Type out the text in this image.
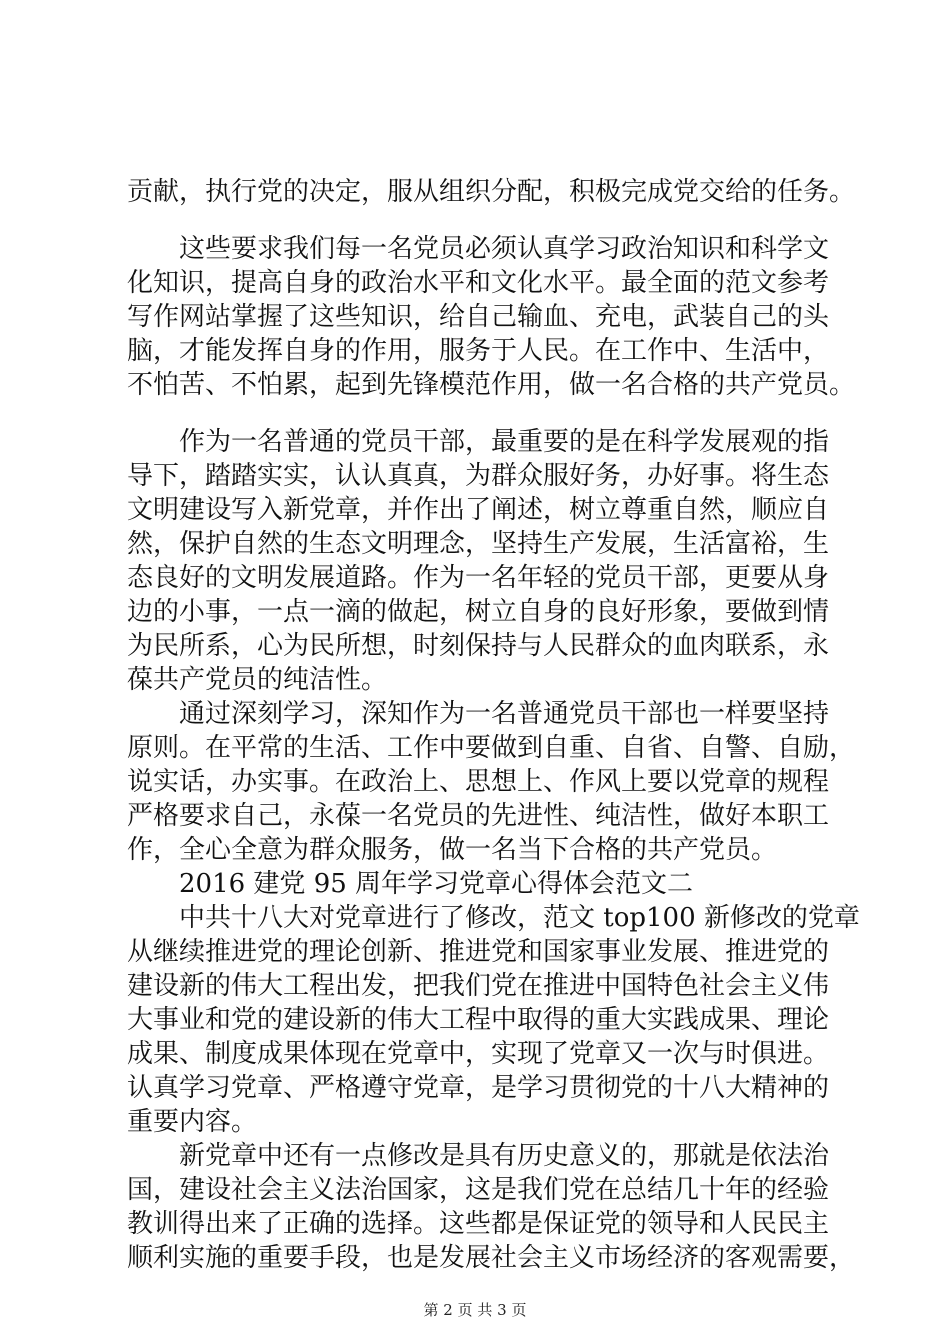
贡献，执行党的决定，服从组织分配，积极完成党交给的任务。
　　这些要求我们每一名党员必须认真学习政治知识和科学文
化知识，提高自身的政治水平和文化水平。最全面的范文参考
写作网站掌握了这些知识，给自己输血、充电，武装自己的头
脑，才能发挥自身的作用，服务于人民。在工作中、生活中，
不怕苦、不怕累，起到先锋模范作用，做一名合格的共产党员。
　　作为一名普通的党员干部，最重要的是在科学发展观的指
导下，踏踏实实，认认真真，为群众服好务，办好事。将生态
文明建设写入新党章，并作出了阐述，树立尊重自然，顺应自
然，保护自然的生态文明理念，坚持生产发展，生活富裕，生
态良好的文明发展道路。作为一名年轻的党员干部，更要从身
边的小事，一点一滴的做起，树立自身的良好形象，要做到情
为民所系，心为民所想，时刻保持与人民群众的血肉联系，永
葆共产党员的纯洁性。
　　通过深刻学习，深知作为一名普通党员干部也一样要坚持
原则。在平常的生活、工作中要做到自重、自省、自警、自励，
说实话，办实事。在政治上、思想上、作风上要以党章的规程
严格要求自己，永葆一名党员的先进性、纯洁性，做好本职工
作，全心全意为群众服务，做一名当下合格的共产党员。
　　2016 建党 95 周年学习党章心得体会范文二
　　中共十八大对党章进行了修改，范文 top100 新修改的党章
从继续推进党的理论创新、推进党和国家事业发展、推进党的
建设新的伟大工程出发，把我们党在推进中国特色社会主义伟
大事业和党的建设新的伟大工程中取得的重大实践成果、理论
成果、制度成果体现在党章中，实现了党章又一次与时俱进。
认真学习党章、严格遵守党章，是学习贯彻党的十八大精神的
重要内容。
　　新党章中还有一点修改是具有历史意义的，那就是依法治
国，建设社会主义法治国家，这是我们党在总结几十年的经验
教训得出来了正确的选择。这些都是保证党的领导和人民民主
顺利实施的重要手段，也是发展社会主义市场经济的客观需要，
第 2 页 共 3 页
